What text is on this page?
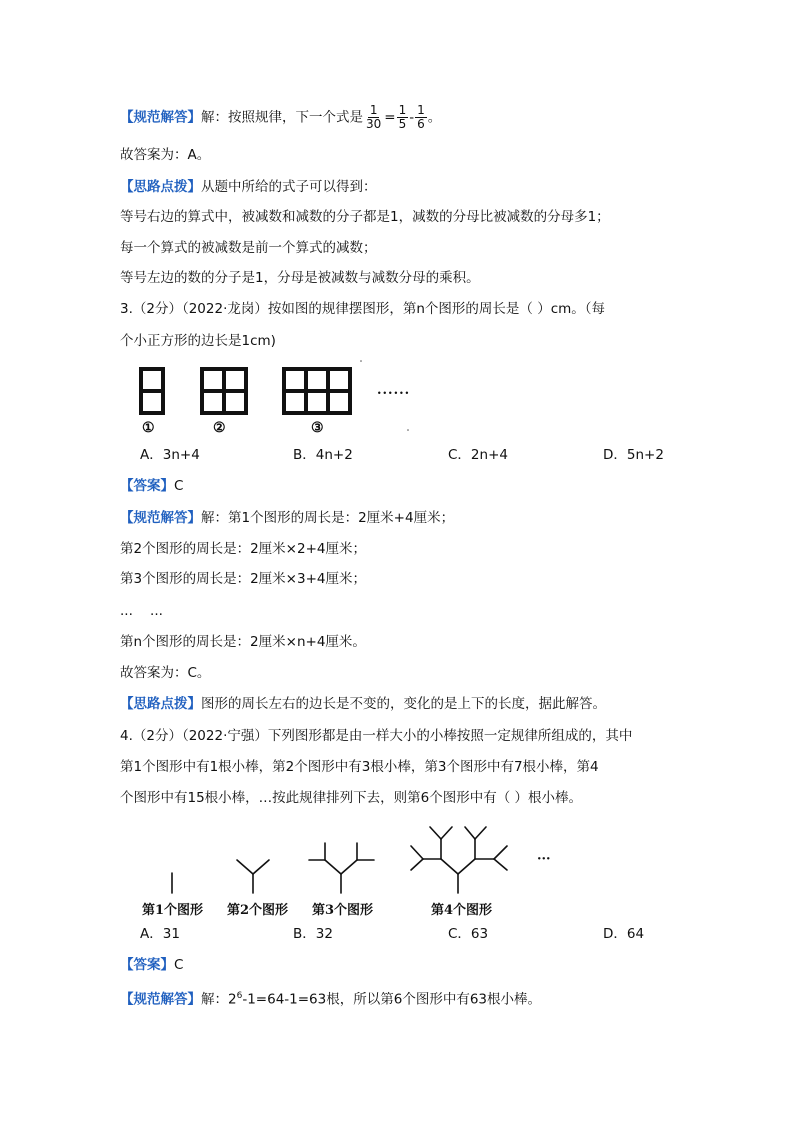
【规范解答】解：按照规律，下一个式是 $\frac{1}{30} = \frac{1}{5} - \frac{1}{6}$ 。
故答案为：A。
【思路点拨】从题中所给的式子可以得到：
等号右边的算式中，被减数和减数的分子都是1，减数的分母比被减数的分母多1；
每一个算式的被减数是前一个算式的减数；
等号左边的数的分子是1，分母是被减数与减数分母的乘积。
3.（2分）（2022·龙岗）按如图的规律摆图形，第n个图形的周长是（ ）cm。（每
个小正方形的边长是1cm)
①	②	③
......
A．3n+4	B．4n+2	C．2n+4	D．5n+2
【答案】C
【规范解答】解：第1个图形的周长是：2厘米+4厘米；
第2个图形的周长是：2厘米×2+4厘米；
第3个图形的周长是：2厘米×3+4厘米；
...    ...
第n个图形的周长是：2厘米×n+4厘米。
故答案为：C。
【思路点拨】图形的周长左右的边长是不变的，变化的是上下的长度，据此解答。
4.（2分）（2022·宁强）下列图形都是由一样大小的小棒按照一定规律所组成的，其中
第1个图形中有1根小棒，第2个图形中有3根小棒，第3个图形中有7根小棒，第4
个图形中有15根小棒，…按此规律排列下去，则第6个图形中有（ ）根小棒。
···
第1个图形 第2个图形 第3个图形	第4个图形
A．31	B．32	C．63	D．64
【答案】C
【规范解答】解：$2^6-1=64-1=63$根，所以第6个图形中有63根小棒。
